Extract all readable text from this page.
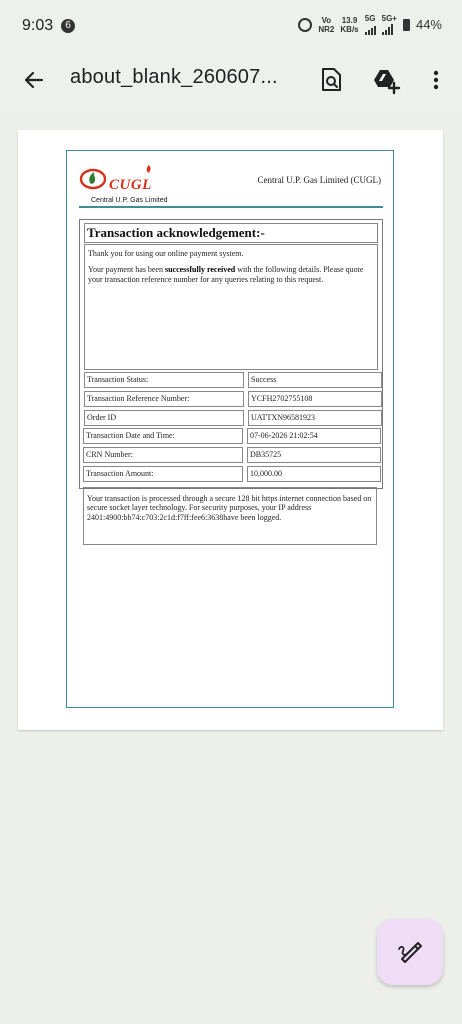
9:03	6	Vo
NR2
13.9
KB/s
5G 5G+ 44%
about_blank_260607...
CUGL
Central U.P. Gas Limited
Central U.P. Gas Limited (CUGL)
Transaction acknowledgement:-

Thank you for using our online payment system.

Your payment has been successfully received with the following details. Please quote your transaction reference number for any queries relating to this request.

Transaction Status:	Success
Transaction Reference Number:	YCFH2702755108
Order ID	UATTXN96581923
Transaction Date and Time:	07-06-2026 21:02:54
CRN Number:	DB35725
Transaction Amount:	10,000.00
Your transaction is processed through a secure 128 bit https internet connection based on secure socket layer technology. For security purposes, your IP address 2401:4900:bb74:c703:2c1d:f7ff:fee6:3638have been logged.
